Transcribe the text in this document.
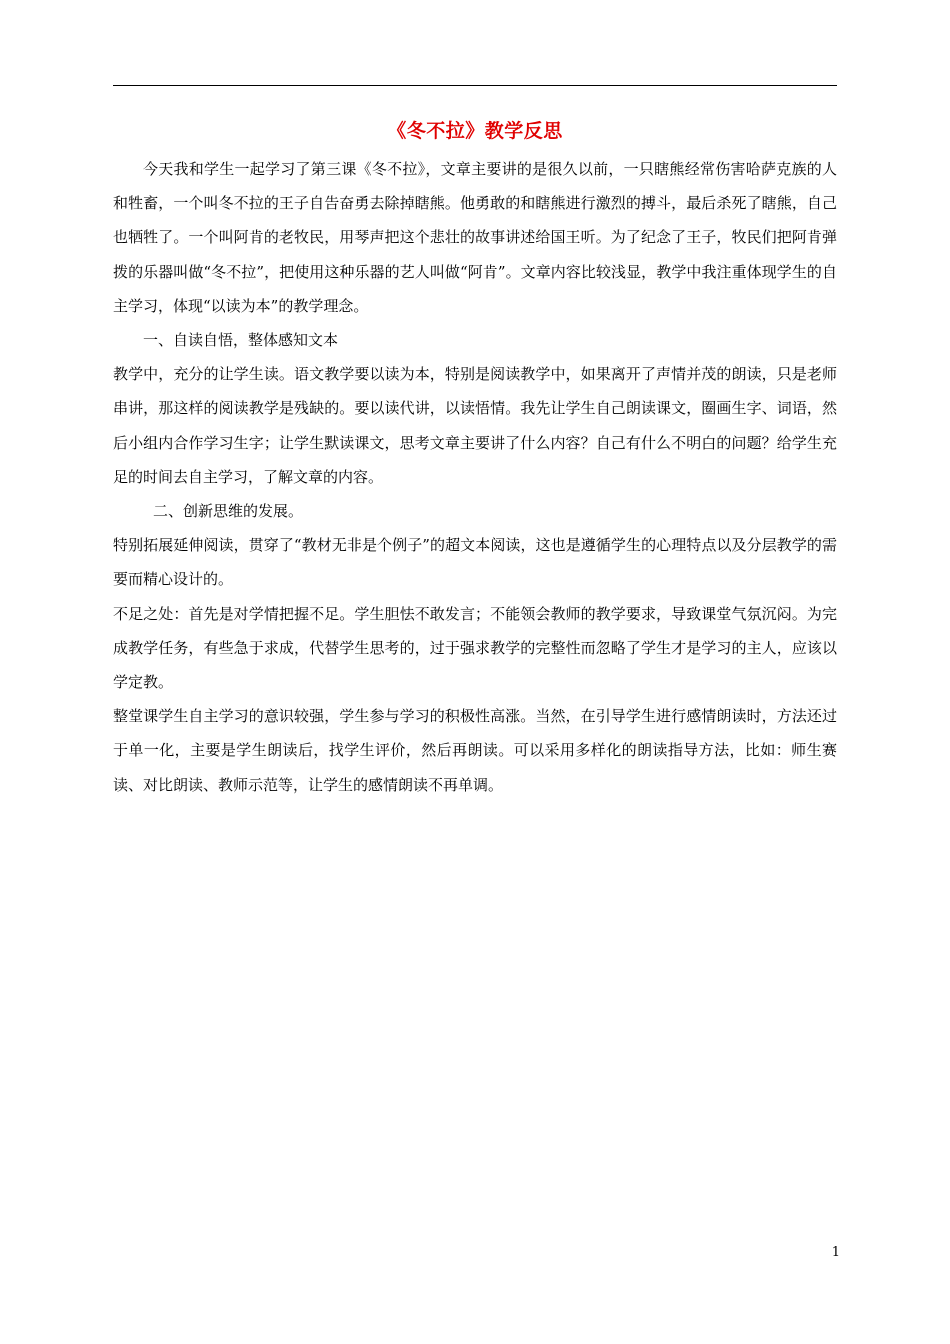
《冬不拉》教学反思

今天我和学生一起学习了第三课《冬不拉》，文章主要讲的是很久以前，一只瞎熊经常伤害哈萨克族的人和牲畜，一个叫冬不拉的王子自告奋勇去除掉瞎熊。他勇敢的和瞎熊进行激烈的搏斗，最后杀死了瞎熊，自己也牺牲了。一个叫阿肯的老牧民，用琴声把这个悲壮的故事讲述给国王听。为了纪念了王子，牧民们把阿肯弹拨的乐器叫做“冬不拉”，把使用这种乐器的艺人叫做“阿肯”。文章内容比较浅显，教学中我注重体现学生的自主学习，体现“以读为本”的教学理念。

一、自读自悟，整体感知文本

教学中，充分的让学生读。语文教学要以读为本，特别是阅读教学中，如果离开了声情并茂的朗读，只是老师串讲，那这样的阅读教学是残缺的。要以读代讲，以读悟情。我先让学生自己朗读课文，圈画生字、词语，然后小组内合作学习生字；让学生默读课文，思考文章主要讲了什么内容？自己有什么不明白的问题？给学生充足的时间去自主学习，了解文章的内容。

二、创新思维的发展。

特别拓展延伸阅读，贯穿了“教材无非是个例子”的超文本阅读，这也是遵循学生的心理特点以及分层教学的需要而精心设计的。

不足之处：首先是对学情把握不足。学生胆怯不敢发言；不能领会教师的教学要求，导致课堂气氛沉闷。为完成教学任务，有些急于求成，代替学生思考的，过于强求教学的完整性而忽略了学生才是学习的主人，应该以学定教。

整堂课学生自主学习的意识较强，学生参与学习的积极性高涨。当然，在引导学生进行感情朗读时，方法还过于单一化，主要是学生朗读后，找学生评价，然后再朗读。可以采用多样化的朗读指导方法，比如：师生赛读、对比朗读、教师示范等，让学生的感情朗读不再单调。

1
